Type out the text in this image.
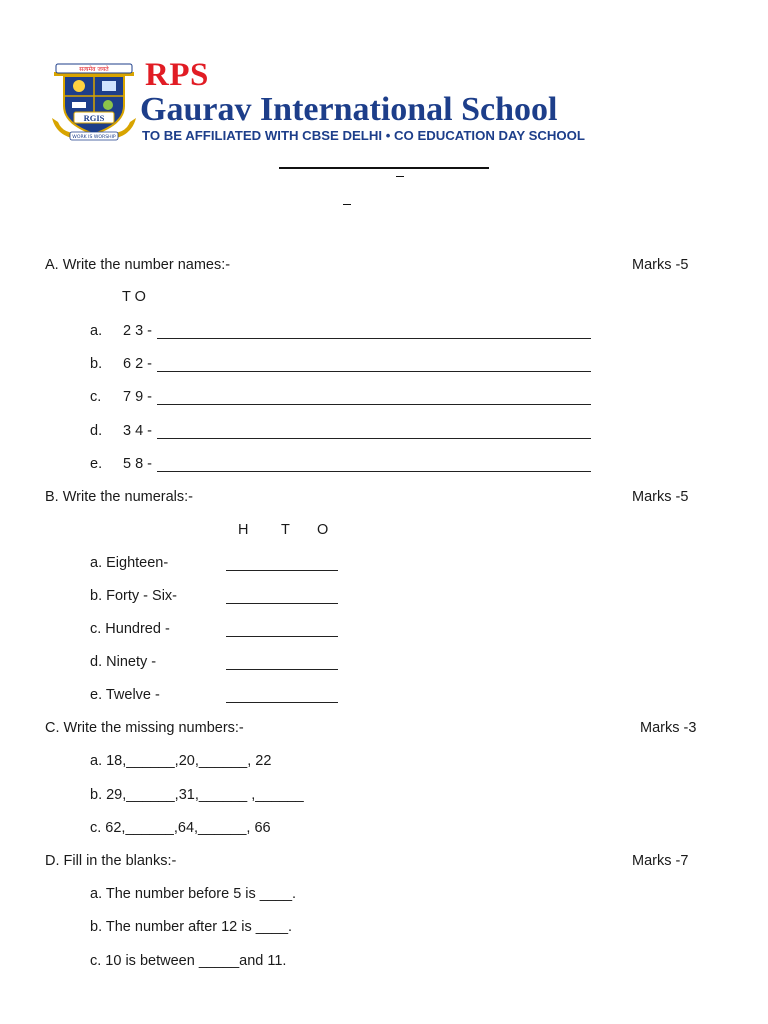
सत्यमेव जयते
RGIS
WORK IS WORSHIP
RPS
Gaurav International School
TO BE AFFILIATED WITH CBSE DELHI • CO EDUCATION DAY SCHOOL
A. Write the number names:-	Marks -5
T O
a. 2 3 -
b. 6 2 -
c. 7 9 -
d. 3 4 -
e. 5 8 -
B. Write the numerals:-	Marks -5
H T O
a. Eighteen-
b. Forty - Six-
c. Hundred -
d. Ninety -
e. Twelve -
C. Write the missing numbers:-	Marks -3
a. 18,______,20,______, 22
b. 29,______,31,______ ,______
c. 62,______,64,______, 66
D. Fill in the blanks:-	Marks -7
a. The number before 5 is ____.
b. The number after 12 is ____.
c. 10 is between _____and 11.
